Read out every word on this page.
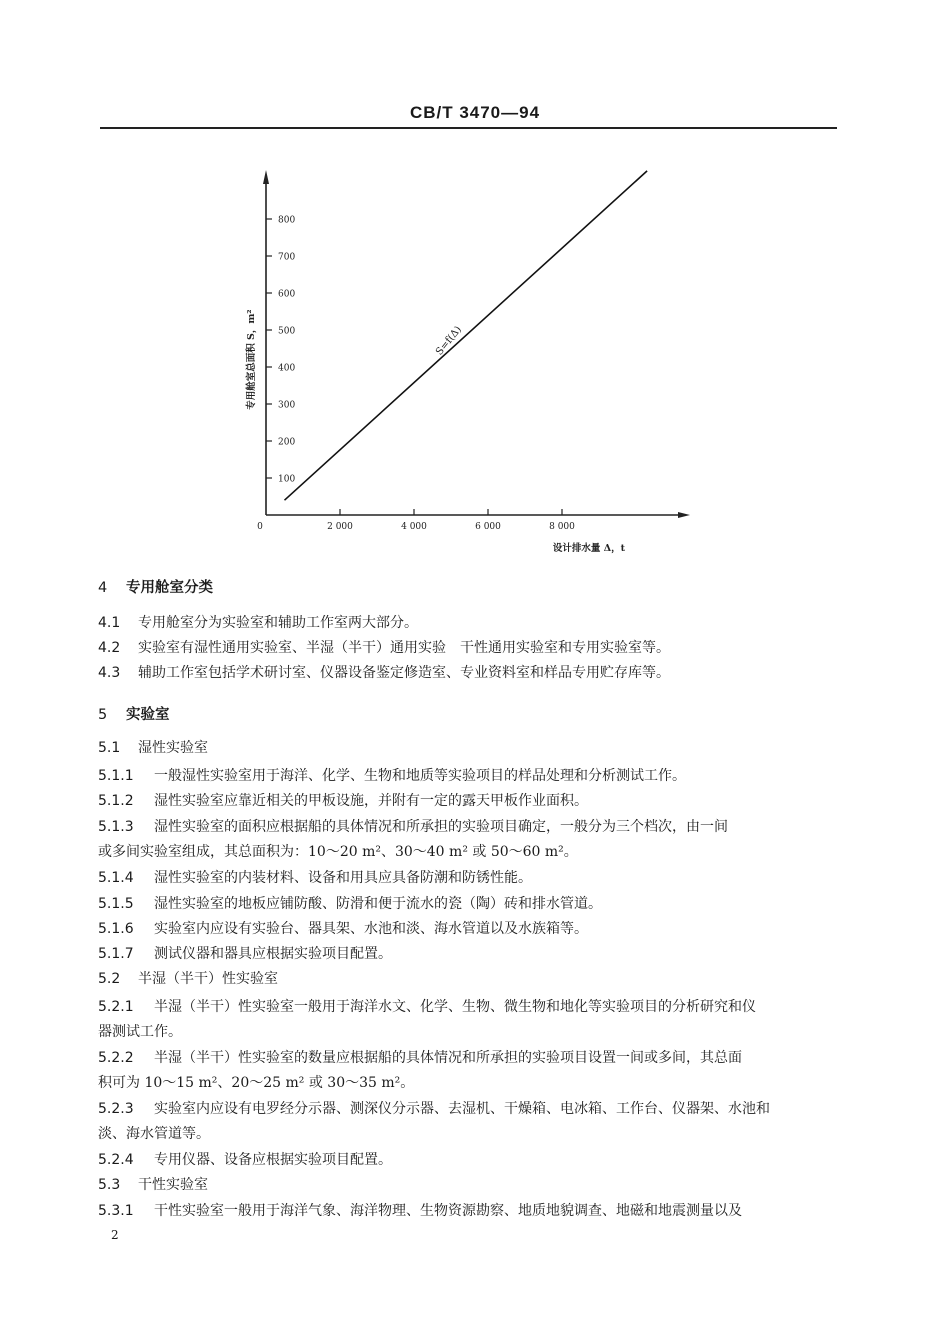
CB/T 3470—94
100
200
300
400
500
600
700
800
0	2 000	4 000	6 000	8 000
S=f(Δ)
专用舱室总面积 S，m²
设计排水量 Δ，t
4 专用舱室分类
4.1 专用舱室分为实验室和辅助工作室两大部分。
4.2 实验室有湿性通用实验室、半湿（半干）通用实验　干性通用实验室和专用实验室等。
4.3 辅助工作室包括学术研讨室、仪器设备鉴定修造室、专业资料室和样品专用贮存库等。
5 实验室
5.1 湿性实验室
5.1.1 一般湿性实验室用于海洋、化学、生物和地质等实验项目的样品处理和分析测试工作。
5.1.2 湿性实验室应靠近相关的甲板设施，并附有一定的露天甲板作业面积。
5.1.3 湿性实验室的面积应根据船的具体情况和所承担的实验项目确定，一般分为三个档次，由一间
或多间实验室组成，其总面积为：10～20 m²、30～40 m² 或 50～60 m²。
5.1.4 湿性实验室的内装材料、设备和用具应具备防潮和防锈性能。
5.1.5 湿性实验室的地板应铺防酸、防滑和便于流水的瓷（陶）砖和排水管道。
5.1.6 实验室内应设有实验台、器具架、水池和淡、海水管道以及水族箱等。
5.1.7 测试仪器和器具应根据实验项目配置。
5.2 半湿（半干）性实验室
5.2.1 半湿（半干）性实验室一般用于海洋水文、化学、生物、微生物和地化等实验项目的分析研究和仪
器测试工作。
5.2.2 半湿（半干）性实验室的数量应根据船的具体情况和所承担的实验项目设置一间或多间，其总面
积可为 10～15 m²、20～25 m² 或 30～35 m²。
5.2.3 实验室内应设有电罗经分示器、测深仪分示器、去湿机、干燥箱、电冰箱、工作台、仪器架、水池和
淡、海水管道等。
5.2.4 专用仪器、设备应根据实验项目配置。
5.3 干性实验室
5.3.1 干性实验室一般用于海洋气象、海洋物理、生物资源勘察、地质地貌调查、地磁和地震测量以及
2
